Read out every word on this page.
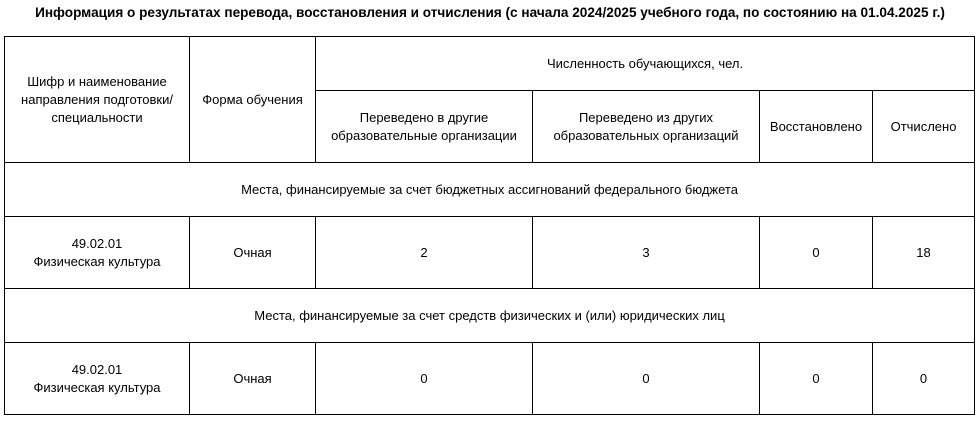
Информация о результатах перевода, восстановления и отчисления (с начала 2024/2025 учебного года, по состоянию на 01.04.2025 г.)
Шифр и наименование направления подготовки/специальности	Форма обучения	Численность обучающихся, чел.			
		Переведено в другие образовательные организации	Переведено из других образовательных организаций	Восстановлено	Отчислено
Места, финансируемые за счет бюджетных ассигнований федерального бюджета					

49.02.01
Физическая культура	Очная	2	3	0	18
Места, финансируемые за счет средств физических и (или) юридических лиц					

49.02.01
Физическая культура	Очная	0	0	0	0
